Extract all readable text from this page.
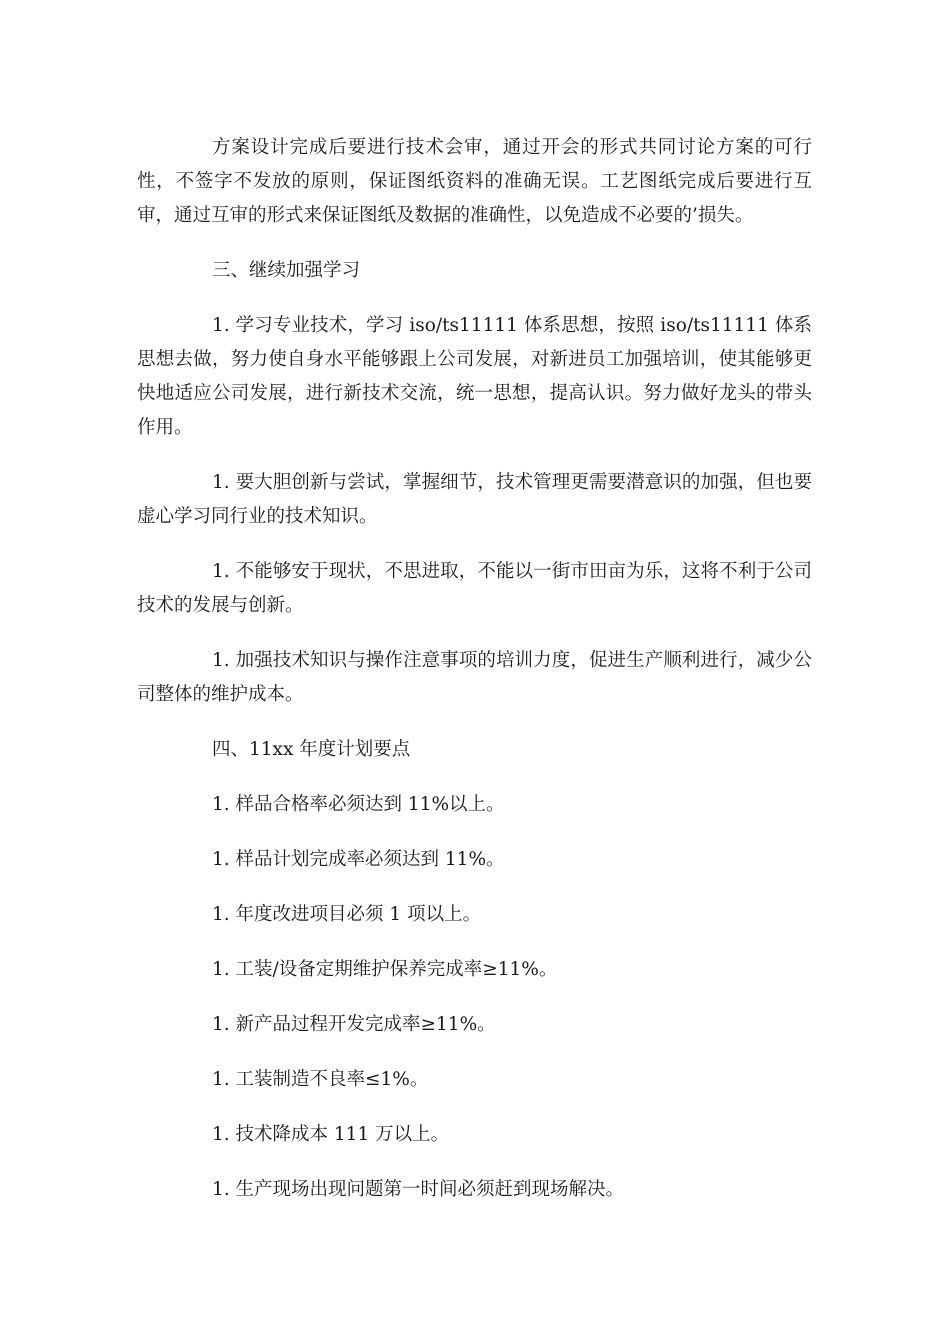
方案设计完成后要进行技术会审，通过开会的形式共同讨论方案的可行性，不签字不发放的原则，保证图纸资料的准确无误。工艺图纸完成后要进行互审，通过互审的形式来保证图纸及数据的准确性，以免造成不必要的’损失。

三、继续加强学习

1. 学习专业技术，学习 iso/ts11111 体系思想，按照 iso/ts11111 体系思想去做，努力使自身水平能够跟上公司发展，对新进员工加强培训，使其能够更快地适应公司发展，进行新技术交流，统一思想，提高认识。努力做好龙头的带头作用。

1. 要大胆创新与尝试，掌握细节，技术管理更需要潜意识的加强，但也要虚心学习同行业的技术知识。

1. 不能够安于现状，不思进取，不能以一街市田亩为乐，这将不利于公司技术的发展与创新。

1. 加强技术知识与操作注意事项的培训力度，促进生产顺利进行，减少公司整体的维护成本。

四、11xx 年度计划要点

1. 样品合格率必须达到 11%以上。

1. 样品计划完成率必须达到 11%。

1. 年度改进项目必须 1 项以上。

1. 工装/设备定期维护保养完成率≥11%。

1. 新产品过程开发完成率≥11%。

1. 工装制造不良率≤1%。

1. 技术降成本 111 万以上。

1. 生产现场出现问题第一时间必须赶到现场解决。
